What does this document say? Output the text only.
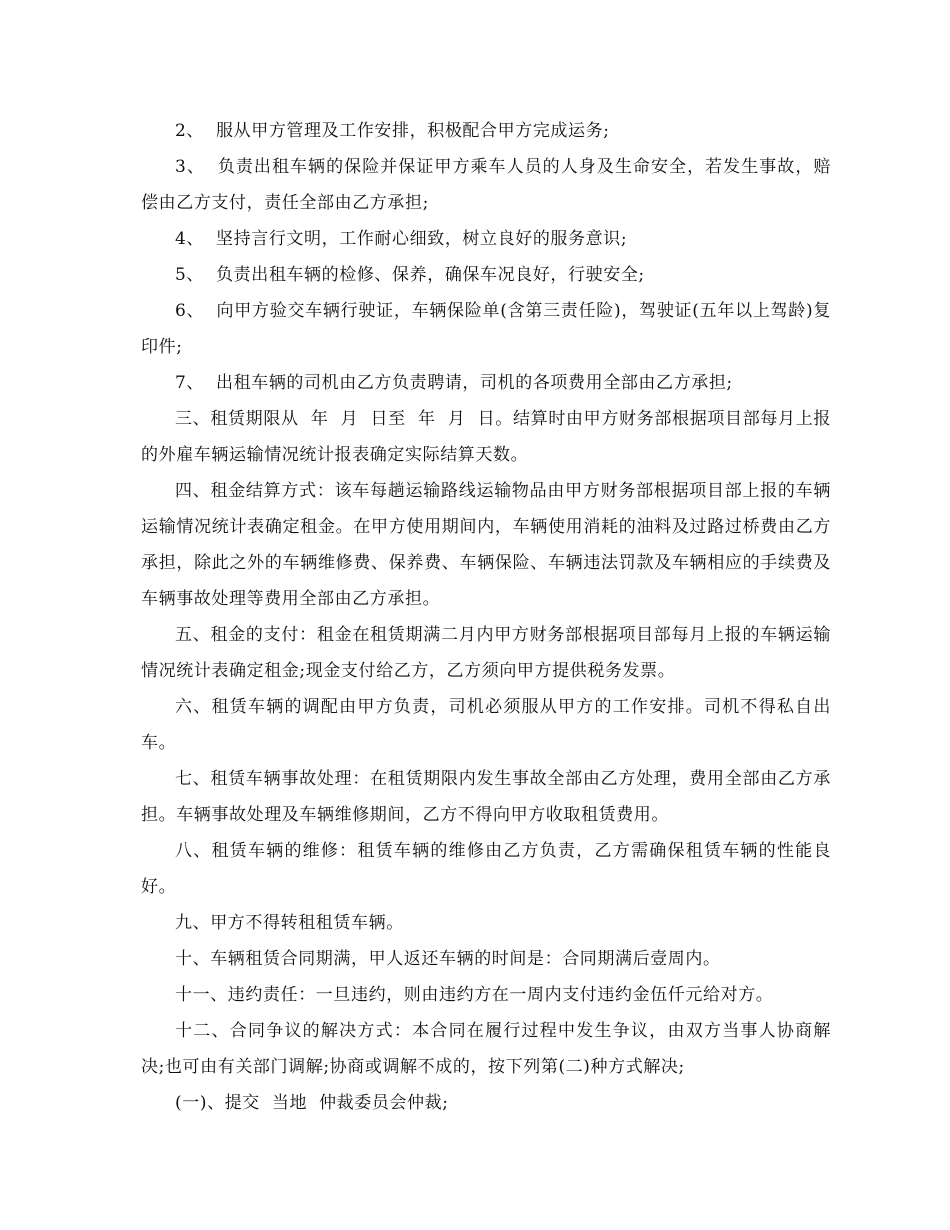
2、  服从甲方管理及工作安排，积极配合甲方完成运务;

3、  负责出租车辆的保险并保证甲方乘车人员的人身及生命安全，若发生事故，赔偿由乙方支付，责任全部由乙方承担;

4、  坚持言行文明，工作耐心细致，树立良好的服务意识;

5、  负责出租车辆的检修、保养，确保车况良好，行驶安全;

6、  向甲方验交车辆行驶证，车辆保险单(含第三责任险)，驾驶证(五年以上驾龄)复印件;

7、  出租车辆的司机由乙方负责聘请，司机的各项费用全部由乙方承担;

三、租赁期限从  年  月  日至  年  月  日。结算时由甲方财务部根据项目部每月上报的外雇车辆运输情况统计报表确定实际结算天数。

四、租金结算方式：该车每趟运输路线运输物品由甲方财务部根据项目部上报的车辆运输情况统计表确定租金。在甲方使用期间内，车辆使用消耗的油料及过路过桥费由乙方承担，除此之外的车辆维修费、保养费、车辆保险、车辆违法罚款及车辆相应的手续费及车辆事故处理等费用全部由乙方承担。

五、租金的支付：租金在租赁期满二月内甲方财务部根据项目部每月上报的车辆运输情况统计表确定租金;现金支付给乙方，乙方须向甲方提供税务发票。

六、租赁车辆的调配由甲方负责，司机必须服从甲方的工作安排。司机不得私自出车。

七、租赁车辆事故处理：在租赁期限内发生事故全部由乙方处理，费用全部由乙方承担。车辆事故处理及车辆维修期间，乙方不得向甲方收取租赁费用。

八、租赁车辆的维修：租赁车辆的维修由乙方负责，乙方需确保租赁车辆的性能良好。

九、甲方不得转租租赁车辆。

十、车辆租赁合同期满，甲人返还车辆的时间是：合同期满后壹周内。

十一、违约责任：一旦违约，则由违约方在一周内支付违约金伍仟元给对方。

十二、合同争议的解决方式：本合同在履行过程中发生争议，由双方当事人协商解决;也可由有关部门调解;协商或调解不成的，按下列第(二)种方式解决;

(一)、提交  当地  仲裁委员会仲裁;
